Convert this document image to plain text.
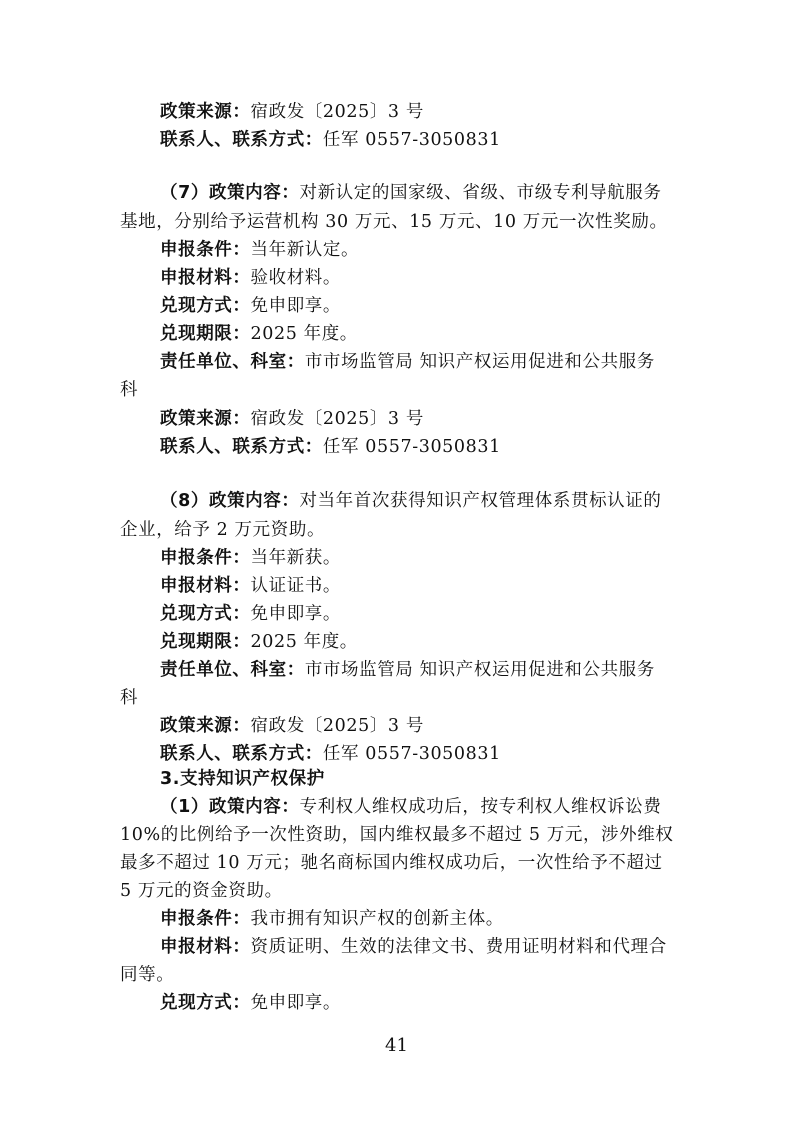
政策来源：宿政发〔2025〕3 号
联系人、联系方式：任军 0557-3050831
（7）政策内容：对新认定的国家级、省级、市级专利导航服务
基地，分别给予运营机构 30 万元、15 万元、10 万元一次性奖励。
申报条件：当年新认定。
申报材料：验收材料。
兑现方式：免申即享。
兑现期限：2025 年度。
责任单位、科室：市市场监管局 知识产权运用促进和公共服务
科
政策来源：宿政发〔2025〕3 号
联系人、联系方式：任军 0557-3050831
（8）政策内容：对当年首次获得知识产权管理体系贯标认证的
企业，给予 2 万元资助。
申报条件：当年新获。
申报材料：认证证书。
兑现方式：免申即享。
兑现期限：2025 年度。
责任单位、科室：市市场监管局 知识产权运用促进和公共服务
科
政策来源：宿政发〔2025〕3 号
联系人、联系方式：任军 0557-3050831
3.支持知识产权保护
（1）政策内容：专利权人维权成功后，按专利权人维权诉讼费
10%的比例给予一次性资助，国内维权最多不超过 5 万元，涉外维权
最多不超过 10 万元；驰名商标国内维权成功后，一次性给予不超过
5 万元的资金资助。
申报条件：我市拥有知识产权的创新主体。
申报材料：资质证明、生效的法律文书、费用证明材料和代理合
同等。
兑现方式：免申即享。
41
